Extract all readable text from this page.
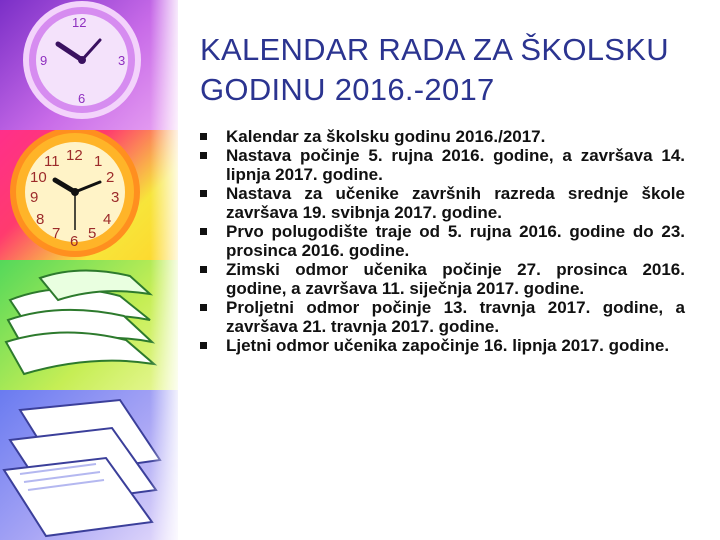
12
3
6
9
12 1
2
3
4
5
6
7
8
9
10
11
KALENDAR RADA ZA ŠKOLSKU GODINU 2016.-2017
Kalendar za školsku godinu 2016./2017.
Nastava počinje 5. rujna 2016. godine, a završava 14. lipnja 2017. godine.
Nastava za učenike završnih razreda srednje škole završava 19. svibnja 2017. godine.
Prvo polugodište traje od 5. rujna 2016. godine do 23. prosinca 2016. godine.
Zimski odmor učenika počinje 27. prosinca 2016. godine, a završava 11. siječnja 2017. godine.
Proljetni odmor počinje 13. travnja 2017. godine, a završava 21. travnja 2017. godine.
Ljetni odmor učenika započinje 16. lipnja 2017. godine.
